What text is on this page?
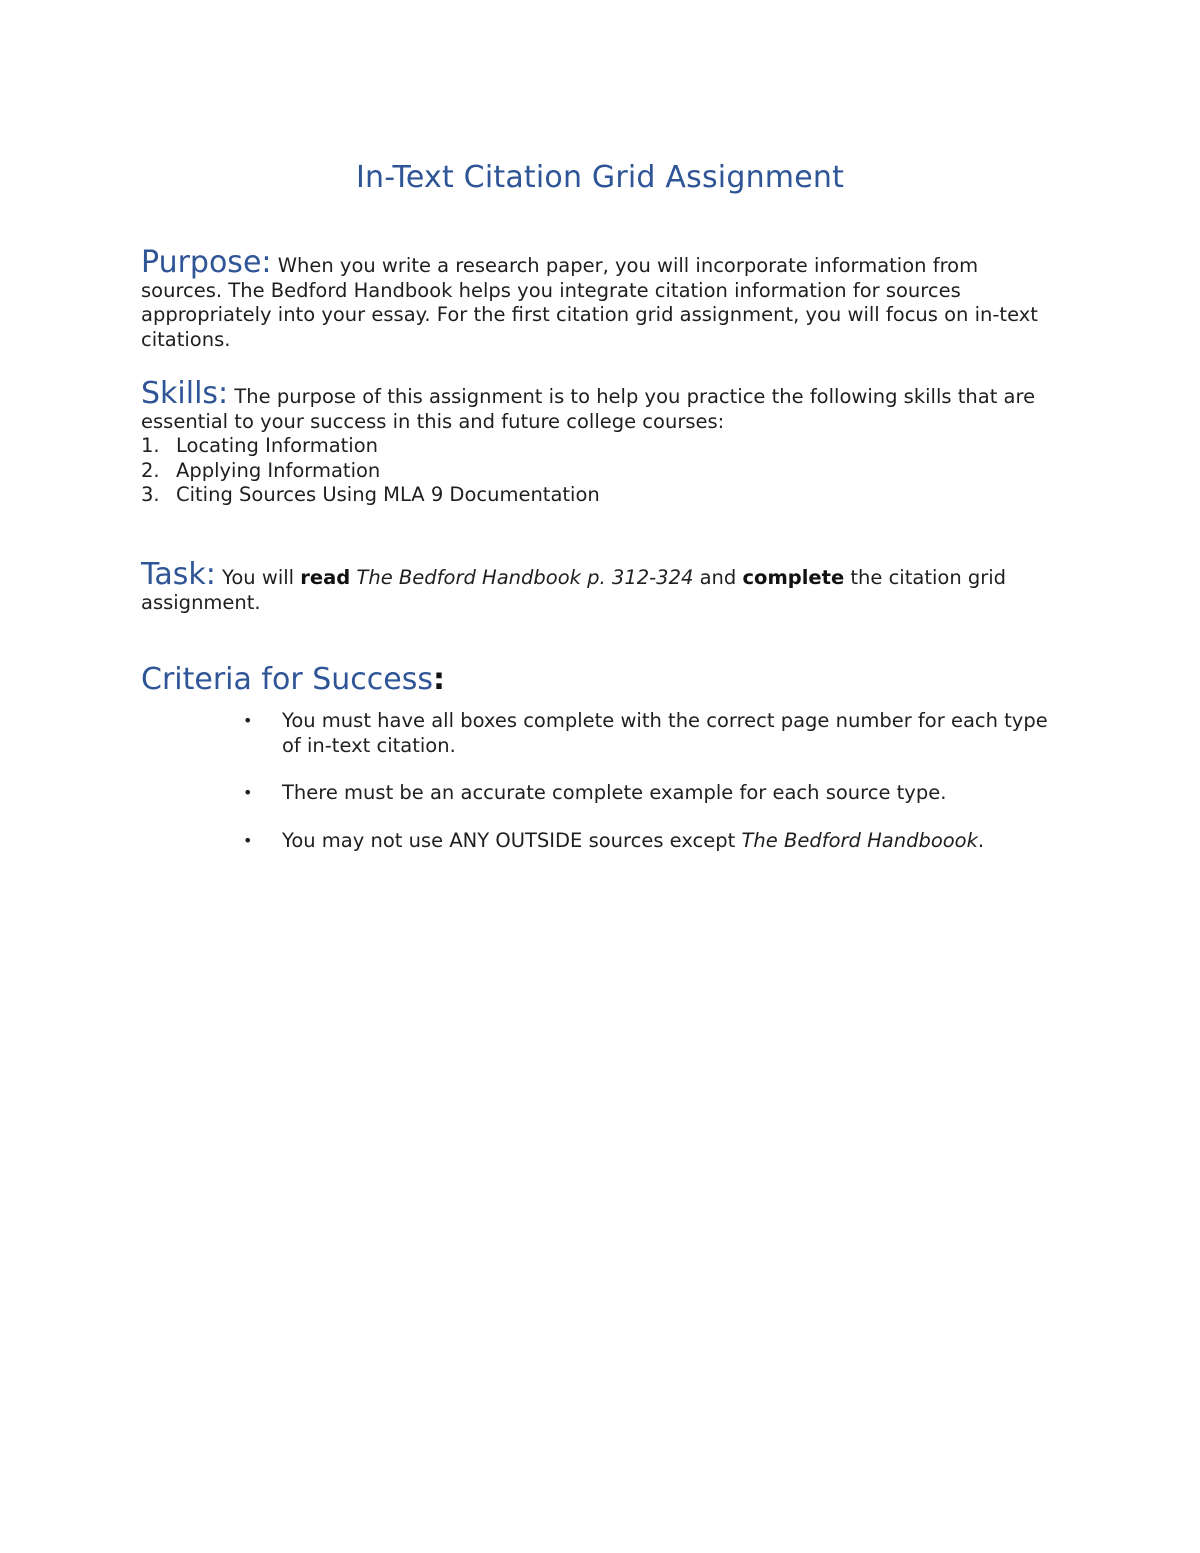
In-Text Citation Grid Assignment
Purpose: When you write a research paper, you will incorporate information from sources. The Bedford Handbook helps you integrate citation information for sources appropriately into your essay. For the first citation grid assignment, you will focus on in-text citations.
Skills: The purpose of this assignment is to help you practice the following skills that are essential to your success in this and future college courses:
1. Locating Information
2. Applying Information
3. Citing Sources Using MLA 9 Documentation
Task: You will read The Bedford Handbook p. 312-324 and complete the citation grid assignment.
Criteria for Success:
•	You must have all boxes complete with the correct page number for each type of in-text citation.
•	There must be an accurate complete example for each source type.
•	You may not use ANY OUTSIDE sources except The Bedford Handboook.
